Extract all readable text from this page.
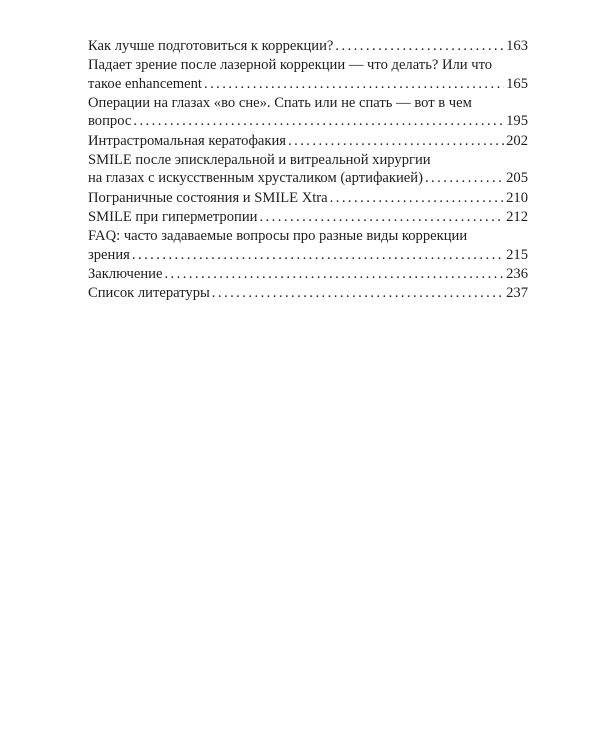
Как лучше подготовиться к коррекции? . . .	163
Падает зрение после лазерной коррекции — что делать? Или что
такое enhancement . . .	165
Операции на глазах «во сне». Спать или не спать — вот в чем
вопрос . . .	195
Интрастромальная кератофакия . . .	202
SMILE после эписклеральной и витреальной хирургии
на глазах с искусственным хрусталиком (артифакией) . . .	205
Пограничные состояния и SMILE Xtra . . .	210
SMILE при гиперметропии . . .	212
FAQ: часто задаваемые вопросы про разные виды коррекции
зрения . . .	215
Заключение . . .	236
Список литературы . . .	237
